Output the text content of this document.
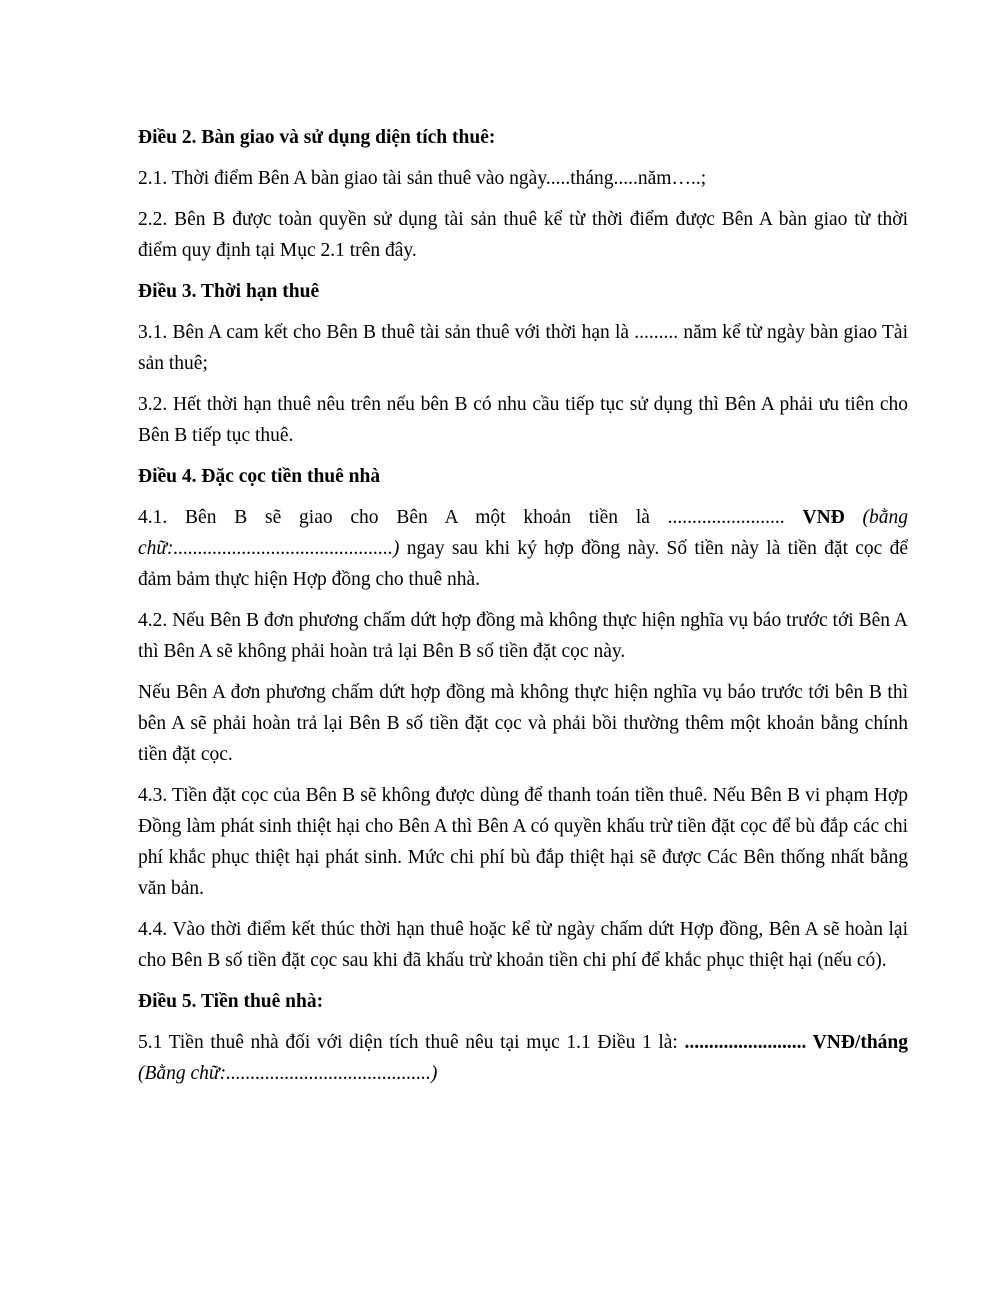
Điều 2. Bàn giao và sử dụng diện tích thuê:
2.1. Thời điểm Bên A bàn giao tài sản thuê vào ngày.....tháng.....năm…..;
2.2. Bên B được toàn quyền sử dụng tài sản thuê kể từ thời điểm được Bên A bàn giao từ thời điểm quy định tại Mục 2.1 trên đây.
Điều 3. Thời hạn thuê
3.1. Bên A cam kết cho Bên B thuê tài sản thuê với thời hạn là ......... năm kể từ ngày bàn giao Tài sản thuê;
3.2. Hết thời hạn thuê nêu trên nếu bên B có nhu cầu tiếp tục sử dụng thì Bên A phải ưu tiên cho Bên B tiếp tục thuê.
Điều 4. Đặc cọc tiền thuê nhà
4.1. Bên B sẽ giao cho Bên A một khoản tiền là ........................ VNĐ (bằng chữ:.............................................) ngay sau khi ký hợp đồng này. Số tiền này là tiền đặt cọc để đảm bảm thực hiện Hợp đồng cho thuê nhà.
4.2. Nếu Bên B đơn phương chấm dứt hợp đồng mà không thực hiện nghĩa vụ báo trước tới Bên A thì Bên A sẽ không phải hoàn trả lại Bên B số tiền đặt cọc này.
Nếu Bên A đơn phương chấm dứt hợp đồng mà không thực hiện nghĩa vụ báo trước tới bên B thì bên A sẽ phải hoàn trả lại Bên B số tiền đặt cọc và phải bồi thường thêm một khoản bằng chính tiền đặt cọc.
4.3. Tiền đặt cọc của Bên B sẽ không được dùng để thanh toán tiền thuê. Nếu Bên B vi phạm Hợp Đồng làm phát sinh thiệt hại cho Bên A thì Bên A có quyền khấu trừ tiền đặt cọc để bù đắp các chi phí khắc phục thiệt hại phát sinh. Mức chi phí bù đắp thiệt hại sẽ được Các Bên thống nhất bằng văn bản.
4.4. Vào thời điểm kết thúc thời hạn thuê hoặc kể từ ngày chấm dứt Hợp đồng, Bên A sẽ hoàn lại cho Bên B số tiền đặt cọc sau khi đã khấu trừ khoản tiền chi phí để khắc phục thiệt hại (nếu có).
Điều 5. Tiền thuê nhà:
5.1 Tiền thuê nhà đối với diện tích thuê nêu tại mục 1.1 Điều 1 là: ......................... VNĐ/tháng (Bằng chữ:..........................................)
